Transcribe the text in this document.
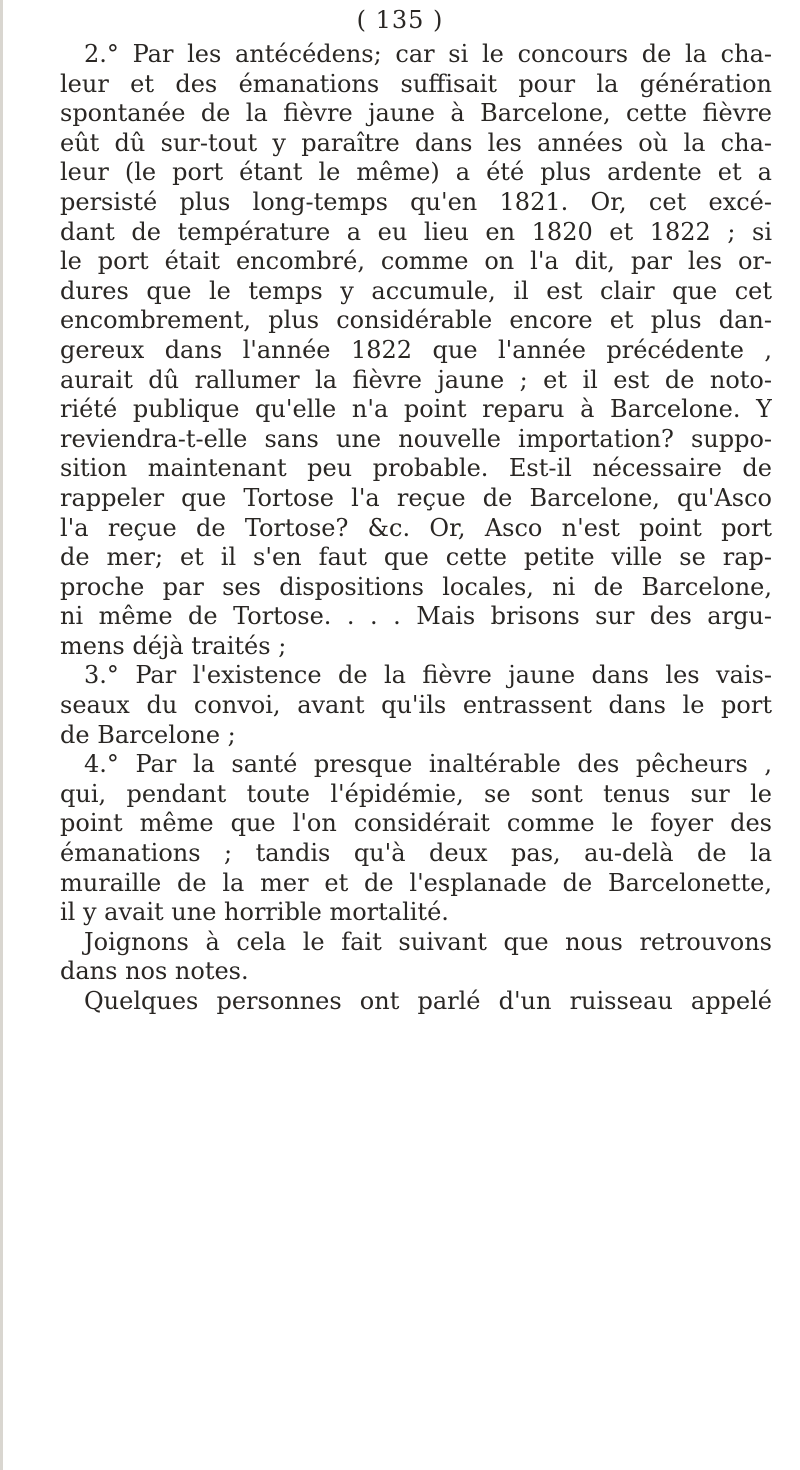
( 135 )
2.° Par les antécédens; car si le concours de la cha-
leur et des émanations suffisait pour la génération
spontanée de la fièvre jaune à Barcelone, cette fièvre
eût dû sur-tout y paraître dans les années où la cha-
leur (le port étant le même) a été plus ardente et a
persisté plus long-temps qu'en 1821. Or, cet excé-
dant de température a eu lieu en 1820 et 1822 ; si
le port était encombré, comme on l'a dit, par les or-
dures que le temps y accumule, il est clair que cet
encombrement, plus considérable encore et plus dan-
gereux dans l'année 1822 que l'année précédente ,
aurait dû rallumer la fièvre jaune ; et il est de noto-
riété publique qu'elle n'a point reparu à Barcelone. Y
reviendra-t-elle sans une nouvelle importation? suppo-
sition maintenant peu probable. Est-il nécessaire de
rappeler que Tortose l'a reçue de Barcelone, qu'Asco
l'a reçue de Tortose? &c. Or, Asco n'est point port
de mer; et il s'en faut que cette petite ville se rap-
proche par ses dispositions locales, ni de Barcelone,
ni même de Tortose. . . . Mais brisons sur des argu-
mens déjà traités ;
3.° Par l'existence de la fièvre jaune dans les vais-
seaux du convoi, avant qu'ils entrassent dans le port
de Barcelone ;
4.° Par la santé presque inaltérable des pêcheurs ,
qui, pendant toute l'épidémie, se sont tenus sur le
point même que l'on considérait comme le foyer des
émanations ; tandis qu'à deux pas, au-delà de la
muraille de la mer et de l'esplanade de Barcelonette,
il y avait une horrible mortalité.
Joignons à cela le fait suivant que nous retrouvons
dans nos notes.
Quelques personnes ont parlé d'un ruisseau appelé
